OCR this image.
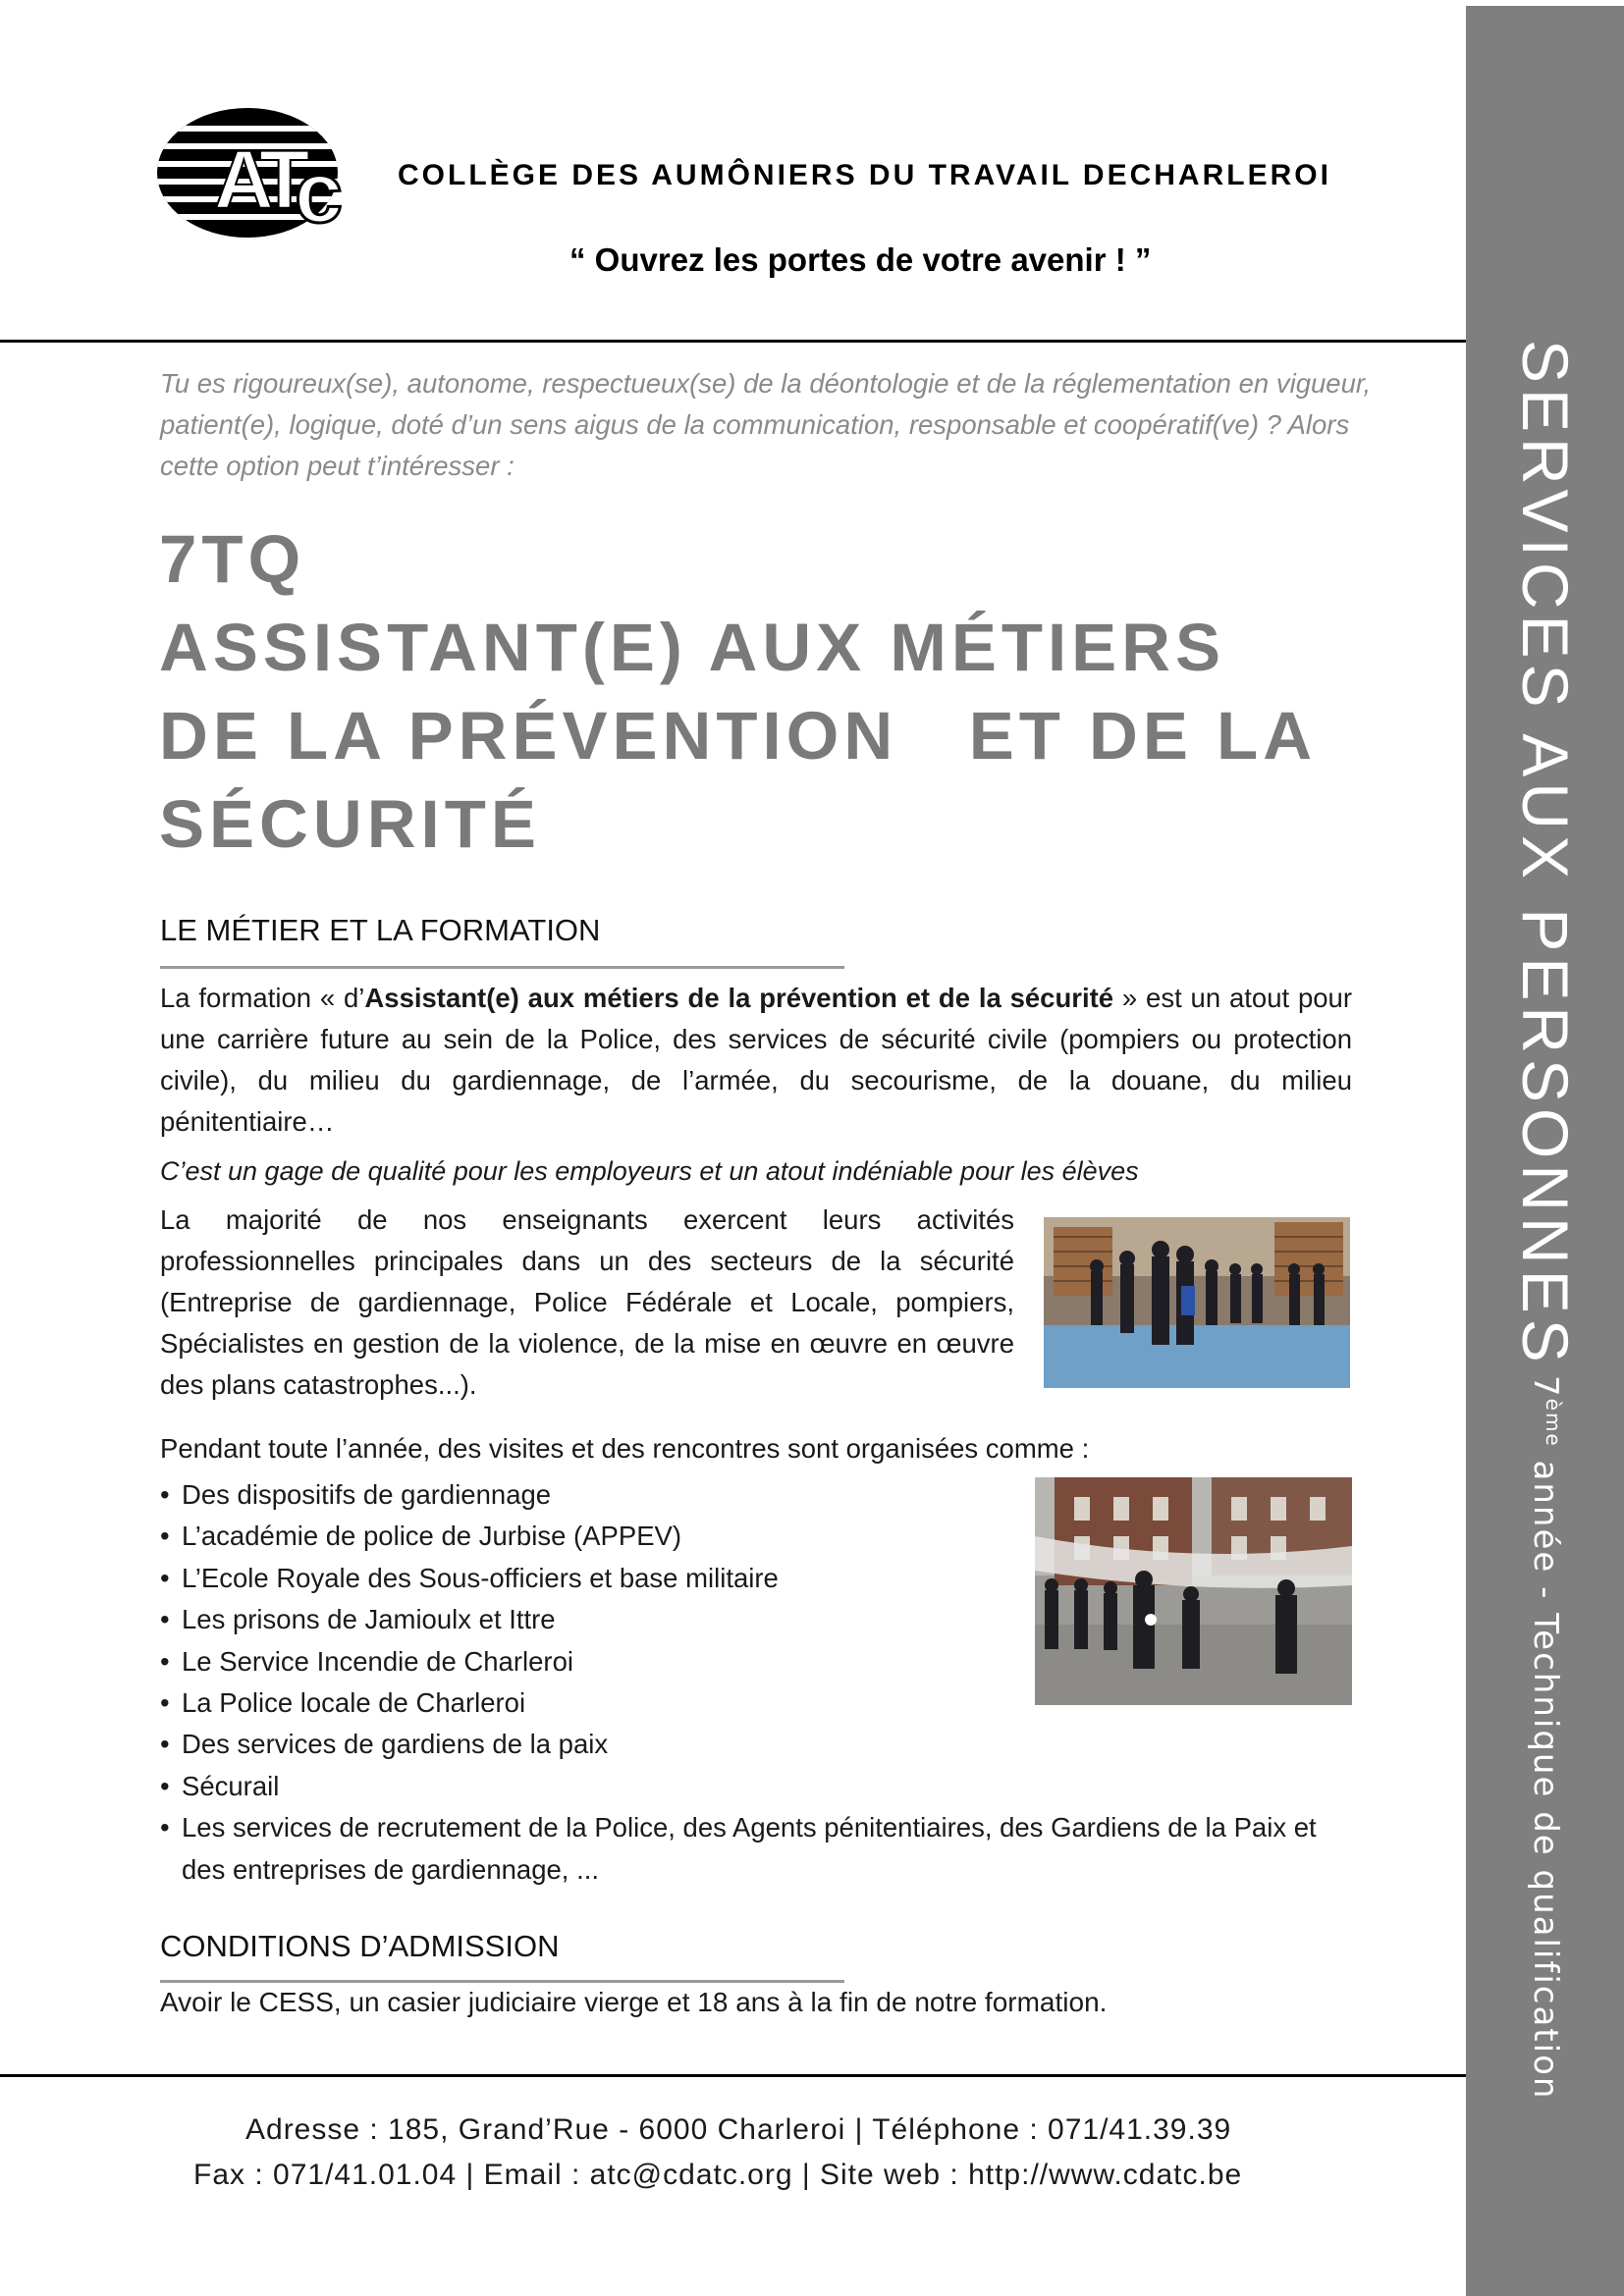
SERVICES AUX PERSONNES
7ème année - Technique de qualification
A
T
c COLLÈGE DES AUMÔNIERS DU TRAVAIL DECHARLEROI
“ Ouvrez les portes de votre avenir ! ”
Tu es rigoureux(se), autonome, respectueux(se) de la déontologie et de la réglementation en vigueur, patient(e), logique, doté d’un sens aigus de la communication, responsable et coopératif(ve) ? Alors cette option peut t’intéresser :
7TQ
ASSISTANT(E) AUX MÉTIERS
DE LA PRÉVENTION   ET DE LA
SÉCURITÉ
LE MÉTIER ET LA FORMATION
La formation « d’Assistant(e) aux métiers de la prévention et de la sécurité » est un atout pour une carrière future au sein de la Police, des services de sécurité civile (pompiers ou protection civile), du milieu du gardiennage, de l’armée, du secourisme, de la douane, du milieu pénitentiaire…
C’est un gage de qualité pour les employeurs et un atout indéniable pour les élèves
La majorité de nos enseignants exercent leurs activités professionnelles principales dans un des secteurs de la sécurité (Entreprise de gardiennage, Police Fédérale et Locale, pompiers, Spécialistes en gestion de la violence, de la mise en œuvre en œuvre des plans catastrophes...).
Pendant toute l’année, des visites et des rencontres sont organisées comme :
• Des dispositifs de gardiennage
• L’académie de police de Jurbise (APPEV)
• L’Ecole Royale des Sous-officiers et base militaire
• Les prisons de Jamioulx et Ittre
• Le Service Incendie de Charleroi
• La Police locale de Charleroi
• Des services de gardiens de la paix
• Sécurail
• Les services de recrutement de la Police, des Agents pénitentiaires, des Gardiens de la Paix et des entreprises de gardiennage, ...
CONDITIONS D’ADMISSION
Avoir le CESS, un casier judiciaire vierge et 18 ans à la fin de notre formation.
Adresse : 185, Grand’Rue - 6000 Charleroi | Téléphone : 071/41.39.39
Fax : 071/41.01.04 | Email : atc@cdatc.org | Site web : http://www.cdatc.be
